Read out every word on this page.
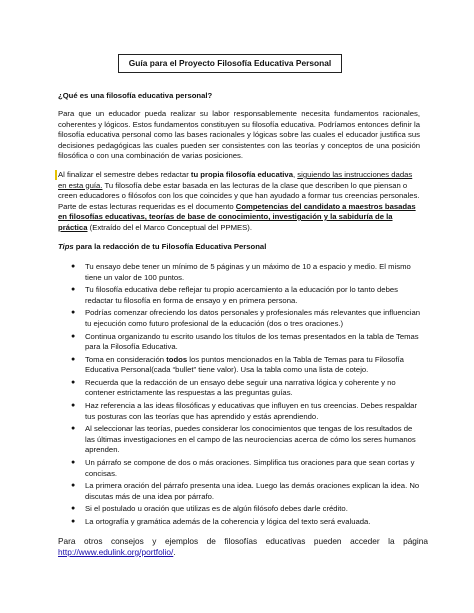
Guía para el Proyecto Filosofía Educativa Personal
¿Qué es una filosofía educativa personal?
Para que un educador pueda realizar su labor responsablemente necesita fundamentos racionales, coherentes y lógicos. Estos fundamentos constituyen su filosofía educativa. Podríamos entonces definir la filosofía educativa personal como las bases racionales y lógicas sobre las cuales el educador justifica sus decisiones pedagógicas las cuales pueden ser consistentes con las teorías y conceptos de una posición filosófica o con una combinación de varias posiciones.
Al finalizar el semestre debes redactar tu propia filosofía educativa, siguiendo las instrucciones dadas en esta guía. Tu filosofía debe estar basada en las lecturas de la clase que describen lo que piensan o creen educadores o filósofos con los que coincides y que han ayudado a formar tus creencias personales. Parte de estas lecturas requeridas es el documento Competencias del candidato a maestros basadas en filosofías educativas, teorías de base de conocimiento, investigación y la sabiduría de la práctica (Extraído del el Marco Conceptual del PPMES).
Tips para la redacción de tu Filosofía Educativa Personal
● Tu ensayo debe tener un mínimo de 5 páginas y un máximo de 10 a espacio y medio. El mismo tiene un valor de 100 puntos.
● Tu filosofía educativa debe reflejar tu propio acercamiento a la educación por lo tanto debes redactar tu filosofía en forma de ensayo y en primera persona.
● Podrías comenzar ofreciendo los datos personales y profesionales más relevantes que influencian tu ejecución como futuro profesional de la educación (dos o tres oraciones.)
● Continua organizando tu escrito usando los títulos de los temas presentados en la tabla de Temas para la Filosofía Educativa.
● Toma en consideración todos los puntos mencionados en la Tabla de Temas para tu Filosofía Educativa Personal(cada “bullet” tiene valor). Usa la tabla como una lista de cotejo.
● Recuerda que la redacción de un ensayo debe seguir una narrativa lógica y coherente y no contener estrictamente las respuestas a las preguntas guías.
● Haz referencia a las ideas filosóficas y educativas que influyen en tus creencias. Debes respaldar tus posturas con las teorías que has aprendido y estás aprendiendo.
● Al seleccionar las teorías, puedes considerar los conocimientos que tengas de los resultados de las últimas investigaciones en el campo de las neurociencias acerca de cómo los seres humanos aprenden.
● Un párrafo se compone de dos o más oraciones. Simplifica tus oraciones para que sean cortas y concisas.
● La primera oración del párrafo presenta una idea. Luego las demás oraciones explican la idea. No discutas más de una idea por párrafo.
● Si el postulado u oración que utilizas es de algún filósofo debes darle crédito.
● La ortografía y gramática además de la coherencia y lógica del texto será evaluada.
Para otros consejos y ejemplos de filosofías educativas pueden acceder la página http://www.edulink.org/portfolio/.
